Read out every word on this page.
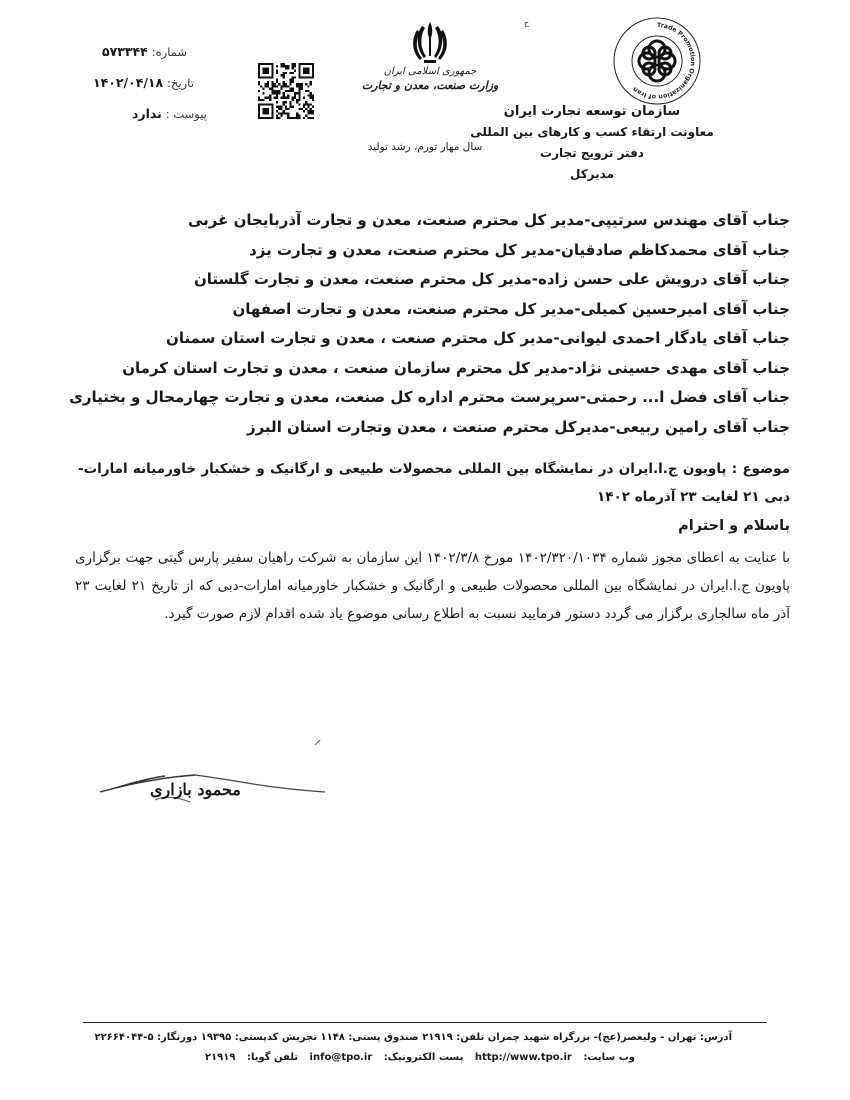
Trade Promotion Organization of Iran
سازمان توسعه تجارت ایران
معاونت ارتقاء کسب و کارهای بین المللی
دفتر ترویج تجارت
مدیرکل
ح
جمهوری اسلامی ایران
وزارت صنعت، معدن و تجارت
سال مهار تورم، رشد تولید
شماره: ۵۷۳۳۴۴
تاریخ: ۱۴۰۲/۰۴/۱۸
پیوست : ندارد
جناب آقای مهندس سرتیپی-مدیر کل محترم صنعت، معدن و تجارت آذربایجان غربی
جناب آقای محمدکاظم صادقیان-مدیر کل محترم صنعت، معدن و تجارت یزد
جناب آقای درویش علی حسن زاده-مدیر کل محترم صنعت، معدن و تجارت گلستان
جناب آقای امیرحسین کمیلی-مدیر کل محترم صنعت، معدن و تجارت اصفهان
جناب آقای یادگار احمدی لیوانی-مدیر کل محترم صنعت ، معدن و تجارت استان سمنان
جناب آقای مهدی حسینی نژاد-مدیر کل محترم سازمان صنعت ، معدن و تجارت استان کرمان
جناب آقای فضل ا... رحمتی-سرپرست محترم اداره کل صنعت، معدن و تجارت چهارمحال و بختیاری
جناب آقای رامین ربیعی-مدیرکل محترم صنعت ، معدن وتجارت استان البرز
موضوع : پاویون ج.ا.ایران در نمایشگاه بین المللی محصولات طبیعی و ارگانیک و خشکبار خاورمیانه امارات-دبی ۲۱ لغایت ۲۳ آذرماه ۱۴۰۲
باسلام و احترام
با عنایت به اعطای مجوز شماره ۱۴۰۲/۳۲۰/۱۰۳۴ مورخ ۱۴۰۲/۳/۸ این سازمان به شرکت راهیان سفیر پارس گیتی جهت برگزاری پاویون ج.ا.ایران در نمایشگاه بین المللی محصولات طبیعی و ارگانیک و خشکبار خاورمیانه امارات-دبی که از تاریخ ۲۱ لغایت ۲۳ آذر ماه سالجاری برگزار می گردد دستور فرمایید نسبت به اطلاع رسانی موضوع یاد شده اقدام لازم صورت گیرد.
محمود بازاری
آدرس: تهران - ولیعصر(عج)- بزرگراه شهید چمران تلفن: ۲۱۹۱۹ صندوق پستی: ۱۱۴۸ تجریش کدپستی: ۱۹۳۹۵ دورنگار: ۵-۲۲۶۶۴۰۴۴
وب سایت: http://www.tpo.ir پست الکترونیک: info@tpo.ir تلفن گویا: ۲۱۹۱۹
